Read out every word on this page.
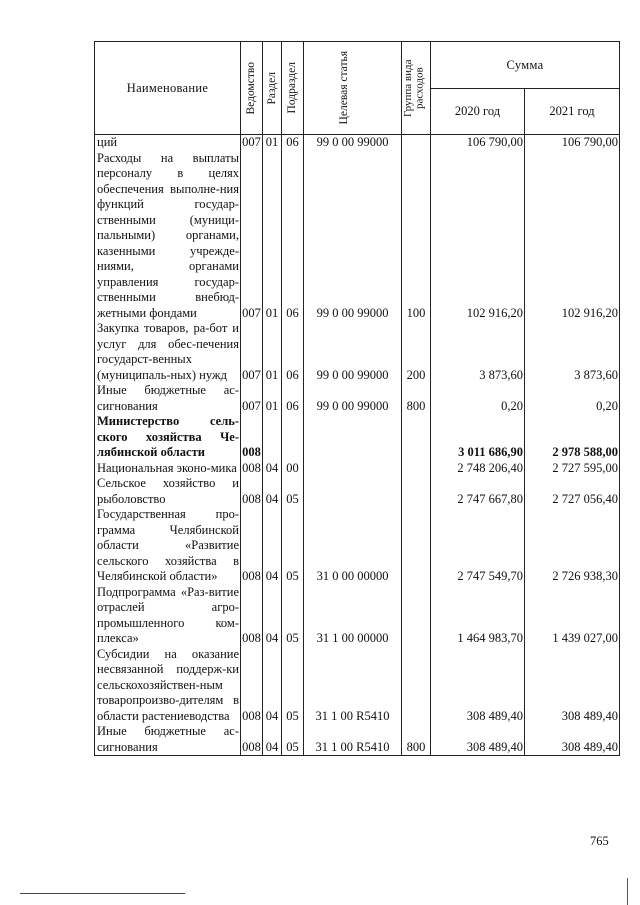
Наименование	Ведомство	Раздел	Подраздел	Целевая статья	Группа вида расходов	Сумма	
						2020 год	2021 год
ций	007	01	06	99 0 00 99000		106 790,00	106 790,00
Расходы на выплаты персоналу в целях обеспечения выполне-ния функций государ-ственными (муници-пальными) органами, казенными учрежде-ниями, органами управления государ-ственными внебюд-жетными фондами	007	01	06	99 0 00 99000	100	102 916,20	102 916,20
Закупка товаров, ра-бот и услуг для обес-печения государст-венных (муниципаль-ных) нужд	007	01	06	99 0 00 99000	200	3 873,60	3 873,60
Иные бюджетные ас-сигнования	007	01	06	99 0 00 99000	800	0,20	0,20
Министерство сель-ского хозяйства Че-лябинской области	008					3 011 686,90	2 978 588,00
Национальная эконо-мика	008	04	00			2 748 206,40	2 727 595,00
Сельское хозяйство и рыболовство	008	04	05			2 747 667,80	2 727 056,40
Государственная про-грамма Челябинской области «Развитие сельского хозяйства в Челябинской области»	008	04	05	31 0 00 00000		2 747 549,70	2 726 938,30
Подпрограмма «Раз-витие отраслей агро-промышленного ком-плекса»	008	04	05	31 1 00 00000		1 464 983,70	1 439 027,00
Субсидии на оказание несвязанной поддерж-ки сельскохозяйствен-ным товаропроизво-дителям в области растениеводства	008	04	05	31 1 00 R5410		308 489,40	308 489,40
Иные бюджетные ас-сигнования	008	04	05	31 1 00 R5410	800	308 489,40	308 489,40
765
